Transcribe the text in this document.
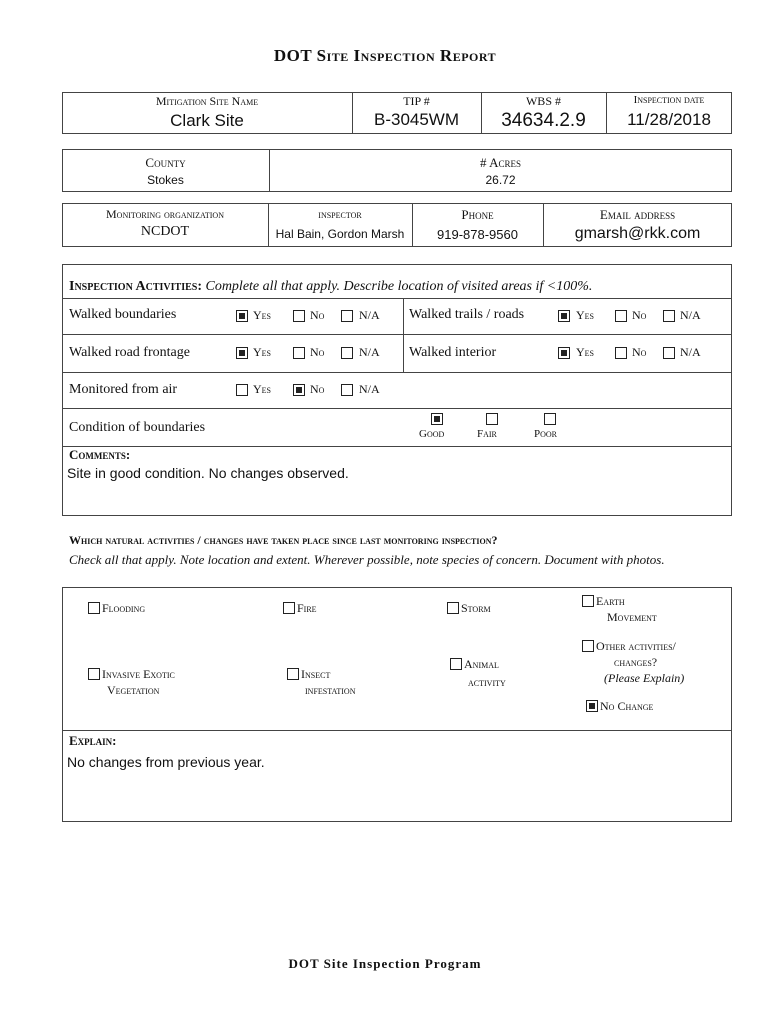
DOT Site Inspection Report
Mitigation Site Name
Clark Site
TIP #
B-3045WM
WBS #
34634.2.9
Inspection date
11/28/2018
County
Stokes
# Acres
26.72
Monitoring organization
NCDOT
inspector
Hal Bain, Gordon Marsh
Phone
919-878-9560
Email address
gmarsh@rkk.com
Inspection Activities: Complete all that apply. Describe location of visited areas if <100%.
Walked boundaries	Yes	No	N/A Walked trails / roads	Yes	No	N/A
Walked road frontage	Yes	No	N/A Walked interior	Yes	No	N/A
Monitored from air	Yes	No	N/A
Condition of boundaries	Good	Fair	Poor
Comments:
Site in good condition. No changes observed.
Which natural activities / changes have taken place since last monitoring inspection?
Check all that apply. Note location and extent. Wherever possible, note species of concern. Document with photos.
Flooding	Fire	Storm	Earth
Movement
Other activities/
changes?
(Please Explain)
Invasive Exotic
Vegetation
Insect
infestation
Animal
activity
No Change
Explain:
No changes from previous year.
DOT Site Inspection Program
